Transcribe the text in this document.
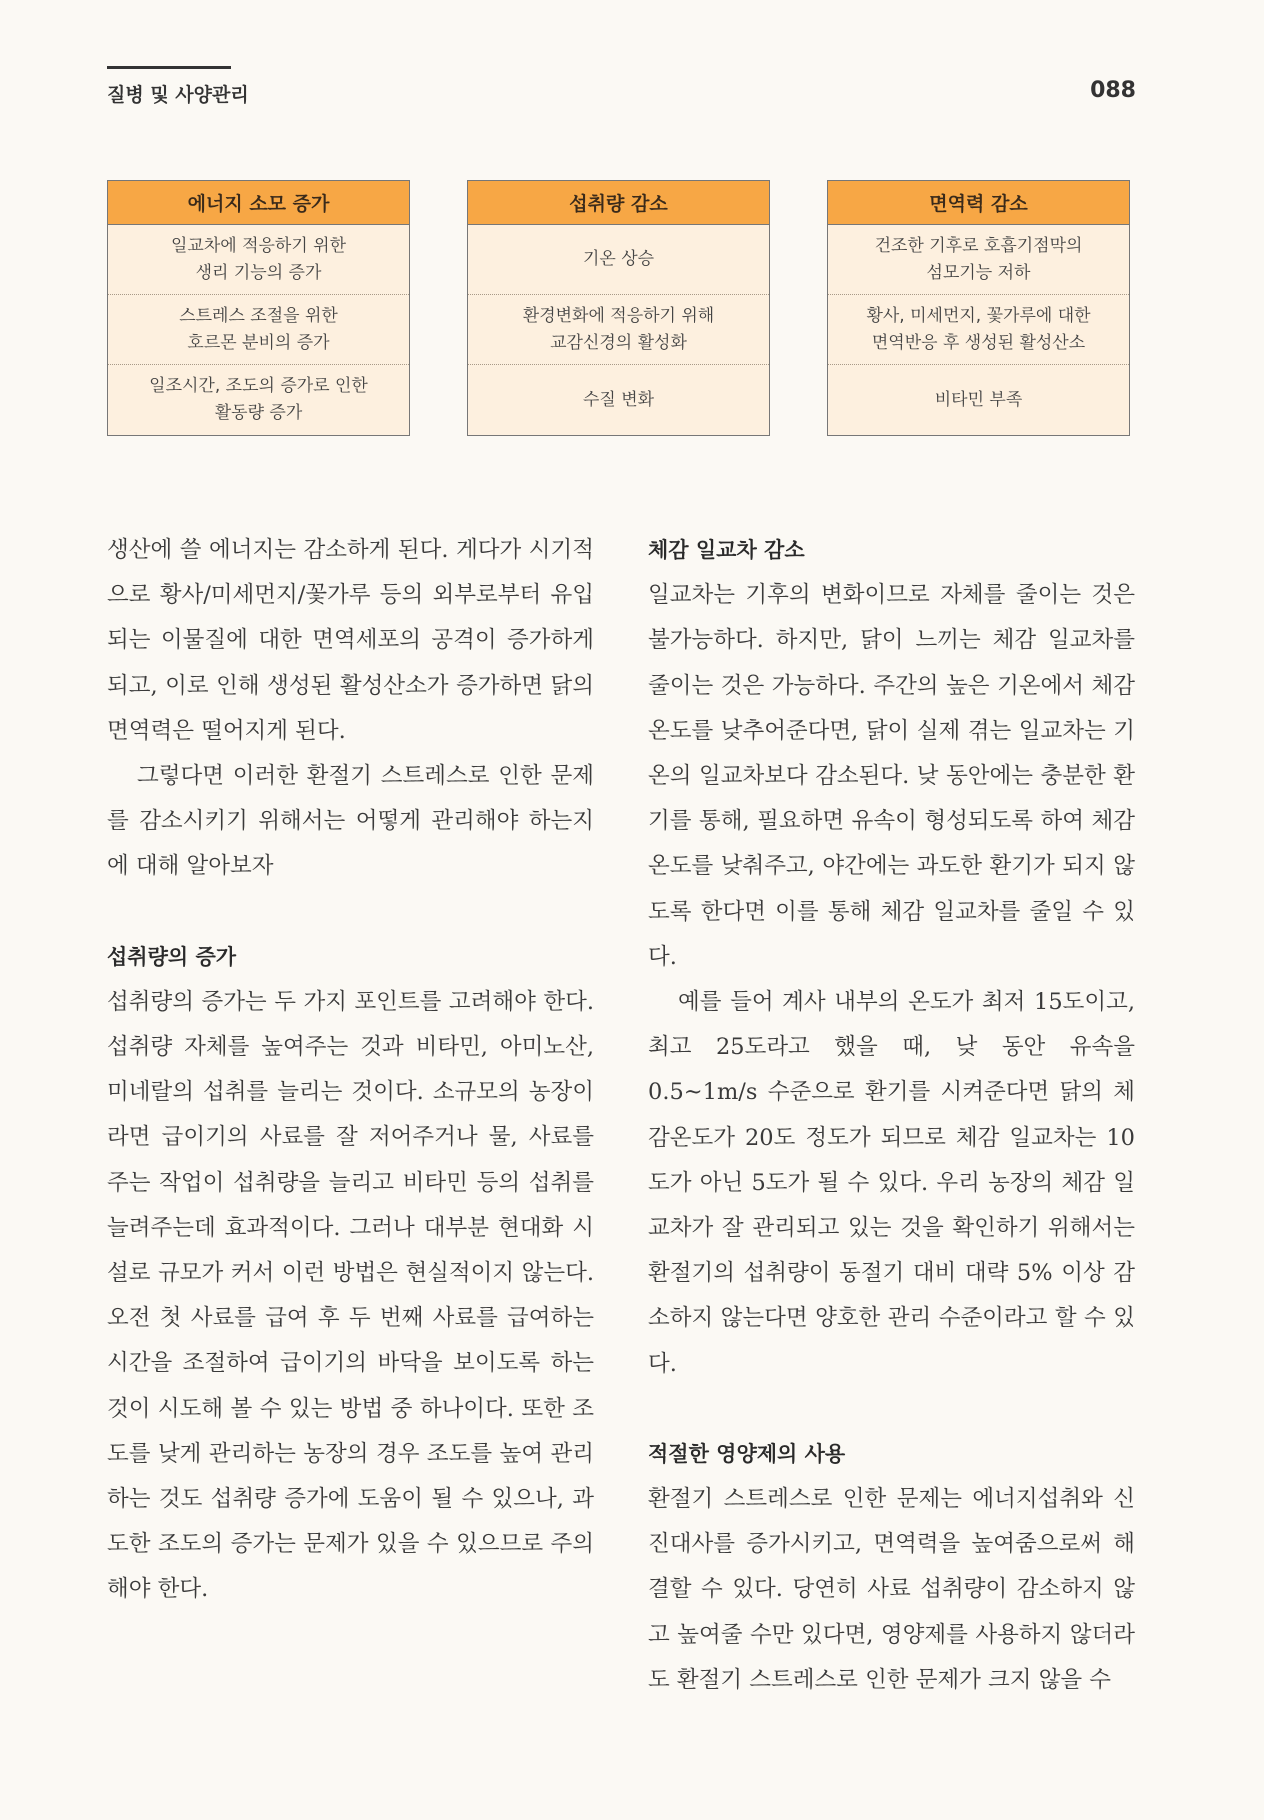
질병 및 사양관리	088
에너지 소모 증가
일교차에 적응하기 위한
생리 기능의 증가
스트레스 조절을 위한
호르몬 분비의 증가
일조시간, 조도의 증가로 인한
활동량 증가
섭취량 감소
기온 상승
환경변화에 적응하기 위해
교감신경의 활성화
수질 변화
면역력 감소
건조한 기후로 호흡기점막의
섬모기능 저하
황사, 미세먼지, 꽃가루에 대한
면역반응 후 생성된 활성산소
비타민 부족

생산에 쓸 에너지는 감소하게 된다. 게다가 시기적으로 황사/미세먼지/꽃가루 등의 외부로부터 유입되는 이물질에 대한 면역세포의 공격이 증가하게 되고, 이로 인해 생성된 활성산소가 증가하면 닭의 면역력은 떨어지게 된다.

그렇다면 이러한 환절기 스트레스로 인한 문제를 감소시키기 위해서는 어떻게 관리해야 하는지에 대해 알아보자

섭취량의 증가

섭취량의 증가는 두 가지 포인트를 고려해야 한다. 섭취량 자체를 높여주는 것과 비타민, 아미노산, 미네랄의 섭취를 늘리는 것이다. 소규모의 농장이라면 급이기의 사료를 잘 저어주거나 물, 사료를 주는 작업이 섭취량을 늘리고 비타민 등의 섭취를 늘려주는데 효과적이다. 그러나 대부분 현대화 시설로 규모가 커서 이런 방법은 현실적이지 않는다. 오전 첫 사료를 급여 후 두 번째 사료를 급여하는 시간을 조절하여 급이기의 바닥을 보이도록 하는 것이 시도해 볼 수 있는 방법 중 하나이다. 또한 조도를 낮게 관리하는 농장의 경우 조도를 높여 관리하는 것도 섭취량 증가에 도움이 될 수 있으나, 과도한 조도의 증가는 문제가 있을 수 있으므로 주의해야 한다.

체감 일교차 감소

일교차는 기후의 변화이므로 자체를 줄이는 것은 불가능하다. 하지만, 닭이 느끼는 체감 일교차를 줄이는 것은 가능하다. 주간의 높은 기온에서 체감온도를 낮추어준다면, 닭이 실제 겪는 일교차는 기온의 일교차보다 감소된다. 낮 동안에는 충분한 환기를 통해, 필요하면 유속이 형성되도록 하여 체감온도를 낮춰주고, 야간에는 과도한 환기가 되지 않도록 한다면 이를 통해 체감 일교차를 줄일 수 있다.

예를 들어 계사 내부의 온도가 최저 15도이고, 최고 25도라고 했을 때, 낮 동안 유속을 0.5~1m/s 수준으로 환기를 시켜준다면 닭의 체감온도가 20도 정도가 되므로 체감 일교차는 10도가 아닌 5도가 될 수 있다. 우리 농장의 체감 일교차가 잘 관리되고 있는 것을 확인하기 위해서는 환절기의 섭취량이 동절기 대비 대략 5% 이상 감소하지 않는다면 양호한 관리 수준이라고 할 수 있다.

적절한 영양제의 사용

환절기 스트레스로 인한 문제는 에너지섭취와 신진대사를 증가시키고, 면역력을 높여줌으로써 해결할 수 있다. 당연히 사료 섭취량이 감소하지 않고 높여줄 수만 있다면, 영양제를 사용하지 않더라도 환절기 스트레스로 인한 문제가 크지 않을 수
